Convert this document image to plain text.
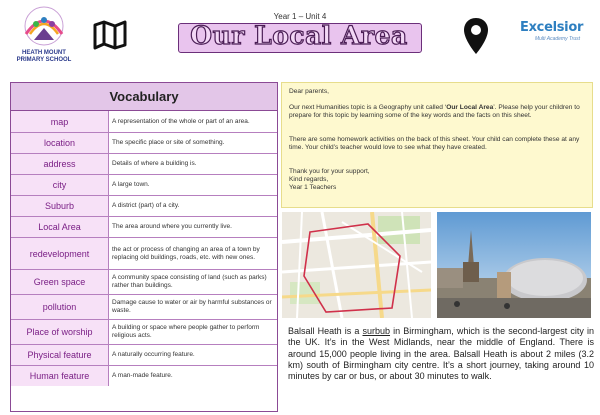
HEATH MOUNT
PRIMARY SCHOOL
Year 1 – Unit 4
Our Local Area	Excelsior
Multi Academy Trust
Vocabulary
map	A representation of the whole or part of an area.
location	The specific place or site of something.
address	Details of where a building is.
city	A large town.
Suburb	A district (part) of a city.
Local Area	The area around where you currently live.
redevelopment	the act or process of changing an area of a town by replacing old buildings, roads, etc. with new ones.
Green space	A community space consisting of land (such as parks) rather than buildings.
pollution	Damage cause to water or air by harmful substances or waste.
Place of worship	A building or space where people gather to perform religious acts.
Physical feature	A naturally occurring feature.
Human feature	A man-made feature.

Dear parents,

Our next Humanities topic is a Geography unit called ‘Our Local Area’. Please help your children to prepare for this topic by learning some of the key words and the facts on this sheet.

There are some homework activities on the back of this sheet. Your child can complete these at any time. Your child’s teacher would love to see what they have created.

Thank you for your support,

Kind regards,

Year 1 Teachers

Balsall Heath is a surbub in Birmingham, which is the second-largest city in the UK. It’s in the West Midlands, near the middle of England. There is around 15,000 people living in the area. Balsall Heath is about 2 miles (3.2 km) south of Birmingham city centre. It’s a short journey, taking around 10 minutes by car or bus, or about 30 minutes to walk.
